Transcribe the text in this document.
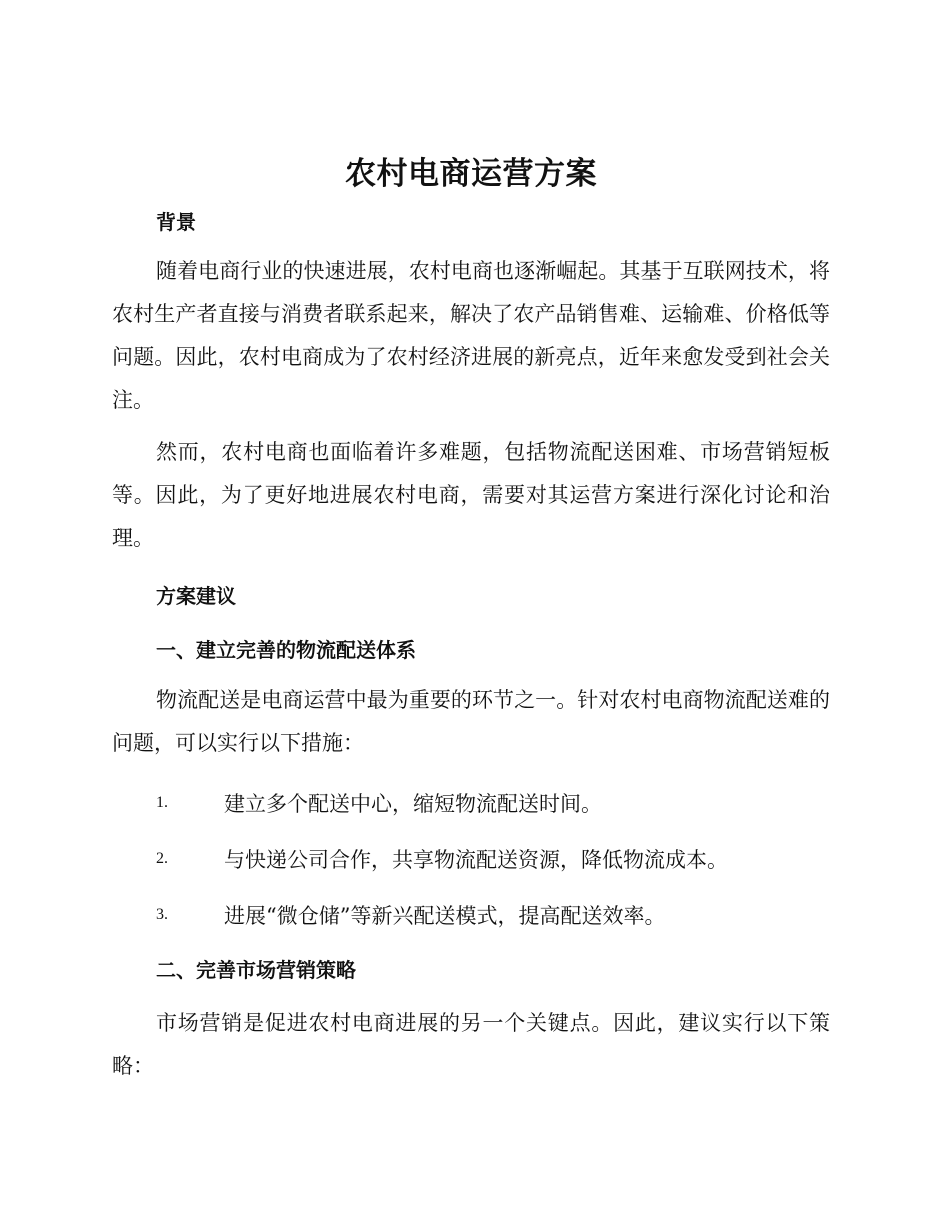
农村电商运营方案

背景

随着电商行业的快速进展，农村电商也逐渐崛起。其基于互联网技术，将农村生产者直接与消费者联系起来，解决了农产品销售难、运输难、价格低等问题。因此，农村电商成为了农村经济进展的新亮点，近年来愈发受到社会关注。

然而，农村电商也面临着许多难题，包括物流配送困难、市场营销短板等。因此，为了更好地进展农村电商，需要对其运营方案进行深化讨论和治理。

方案建议

一、建立完善的物流配送体系

物流配送是电商运营中最为重要的环节之一。针对农村电商物流配送难的问题，可以实行以下措施：

1.	建立多个配送中心，缩短物流配送时间。
2.	与快递公司合作，共享物流配送资源，降低物流成本。
3.	进展“微仓储”等新兴配送模式，提高配送效率。

二、完善市场营销策略

市场营销是促进农村电商进展的另一个关键点。因此，建议实行以下策略：
